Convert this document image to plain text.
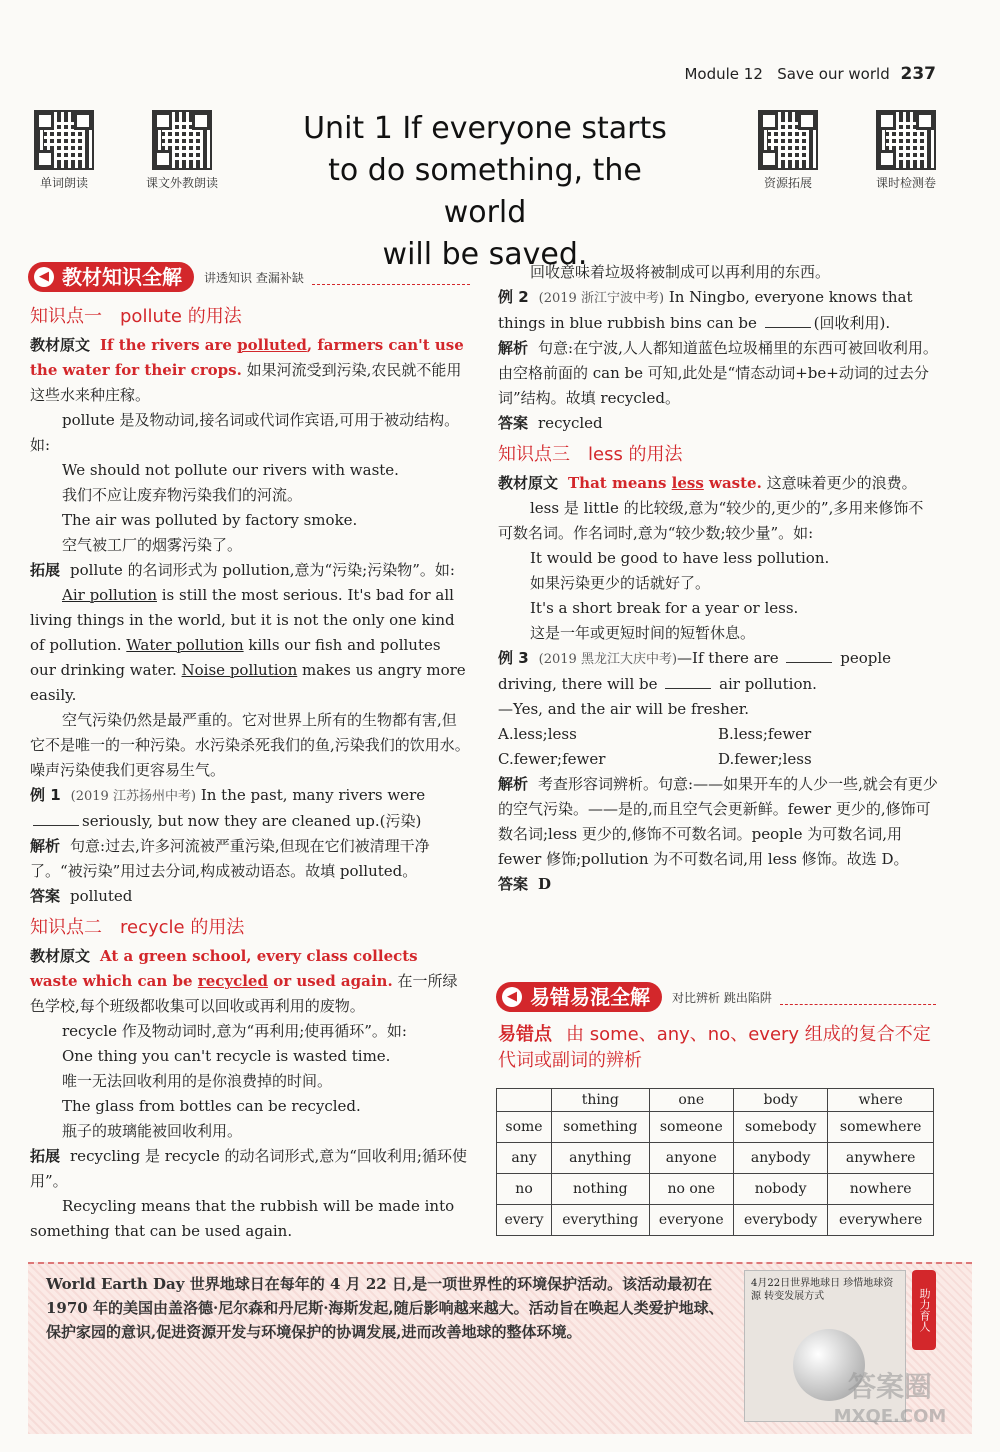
Module 12 Save our world 237
单词朗读	课文外教朗读	资源拓展	课时检测卷
Unit 1 If everyone starts
to do something, the world
will be saved.
◀ 教材知识全解	讲透知识 查漏补缺
知识点一 pollute 的用法

教材原文 If the rivers are polluted, farmers can't use the water for their crops. 如果河流受到污染,农民就不能用这些水来种庄稼。

pollute 是及物动词,接名词或代词作宾语,可用于被动结构。如:

We should not pollute our rivers with waste.

我们不应让废弃物污染我们的河流。

The air was polluted by factory smoke.

空气被工厂的烟雾污染了。

拓展 pollute 的名词形式为 pollution,意为“污染;污染物”。如:

Air pollution is still the most serious. It's bad for all living things in the world, but it is not the only one kind of pollution. Water pollution kills our fish and pollutes our drinking water. Noise pollution makes us angry more easily.

空气污染仍然是最严重的。它对世界上所有的生物都有害,但它不是唯一的一种污染。水污染杀死我们的鱼,污染我们的饮用水。噪声污染使我们更容易生气。

例 1 (2019 江苏扬州中考) In the past, many rivers were seriously, but now they are cleaned up.(污染)

解析 句意:过去,许多河流被严重污染,但现在它们被清理干净了。“被污染”用过去分词,构成被动语态。故填 polluted。

答案 polluted

知识点二 recycle 的用法

教材原文 At a green school, every class collects waste which can be recycled or used again. 在一所绿色学校,每个班级都收集可以回收或再利用的废物。

recycle 作及物动词时,意为“再利用;使再循环”。如:

One thing you can't recycle is wasted time.

唯一无法回收利用的是你浪费掉的时间。

The glass from bottles can be recycled.

瓶子的玻璃能被回收利用。

拓展 recycling 是 recycle 的动名词形式,意为“回收利用;循环使用”。

Recycling means that the rubbish will be made into something that can be used again.

回收意味着垃圾将被制成可以再利用的东西。

例 2 (2019 浙江宁波中考) In Ningbo, everyone knows that things in blue rubbish bins can be	(回收利用).

解析 句意:在宁波,人人都知道蓝色垃圾桶里的东西可被回收利用。由空格前面的 can be 可知,此处是“情态动词+be+动词的过去分词”结构。故填 recycled。

答案 recycled

知识点三 less 的用法

教材原文 That means less waste. 这意味着更少的浪费。

less 是 little 的比较级,意为“较少的,更少的”,多用来修饰不可数名词。作名词时,意为“较少数;较少量”。如:

It would be good to have less pollution.

如果污染更少的话就好了。

It's a short break for a year or less.

这是一年或更短时间的短暂休息。

例 3 (2019 黑龙江大庆中考)—If there are	people driving, there will be	air pollution.

—Yes, and the air will be fresher.

A.less;less	B.less;fewer
C.fewer;fewer	D.fewer;less

解析 考查形容词辨析。句意:——如果开车的人少一些,就会有更少的空气污染。——是的,而且空气会更新鲜。fewer 更少的,修饰可数名词;less 更少的,修饰不可数名词。people 为可数名词,用 fewer 修饰;pollution 为不可数名词,用 less 修饰。故选 D。

答案 D

◀ 易错易混全解	对比辨析 跳出陷阱
易错点 由 some、any、no、every 组成的复合不定代词或副词的辨析
	thing	one	body	where
some	something	someone	somebody	somewhere
any	anything	anyone	anybody	anywhere
no	nothing	no one	nobody	nowhere
every	everything	everyone	everybody	everywhere
World Earth Day 世界地球日在每年的 4 月 22 日,是一项世界性的环境保护活动。该活动最初在 1970 年的美国由盖洛德·尼尔森和丹尼斯·海斯发起,随后影响越来越大。活动旨在唤起人类爱护地球、保护家园的意识,促进资源开发与环境保护的协调发展,进而改善地球的整体环境。
4月22日世界地球日 珍惜地球资源 转变发展方式	助力育人
答案圈
MXQE.COM
